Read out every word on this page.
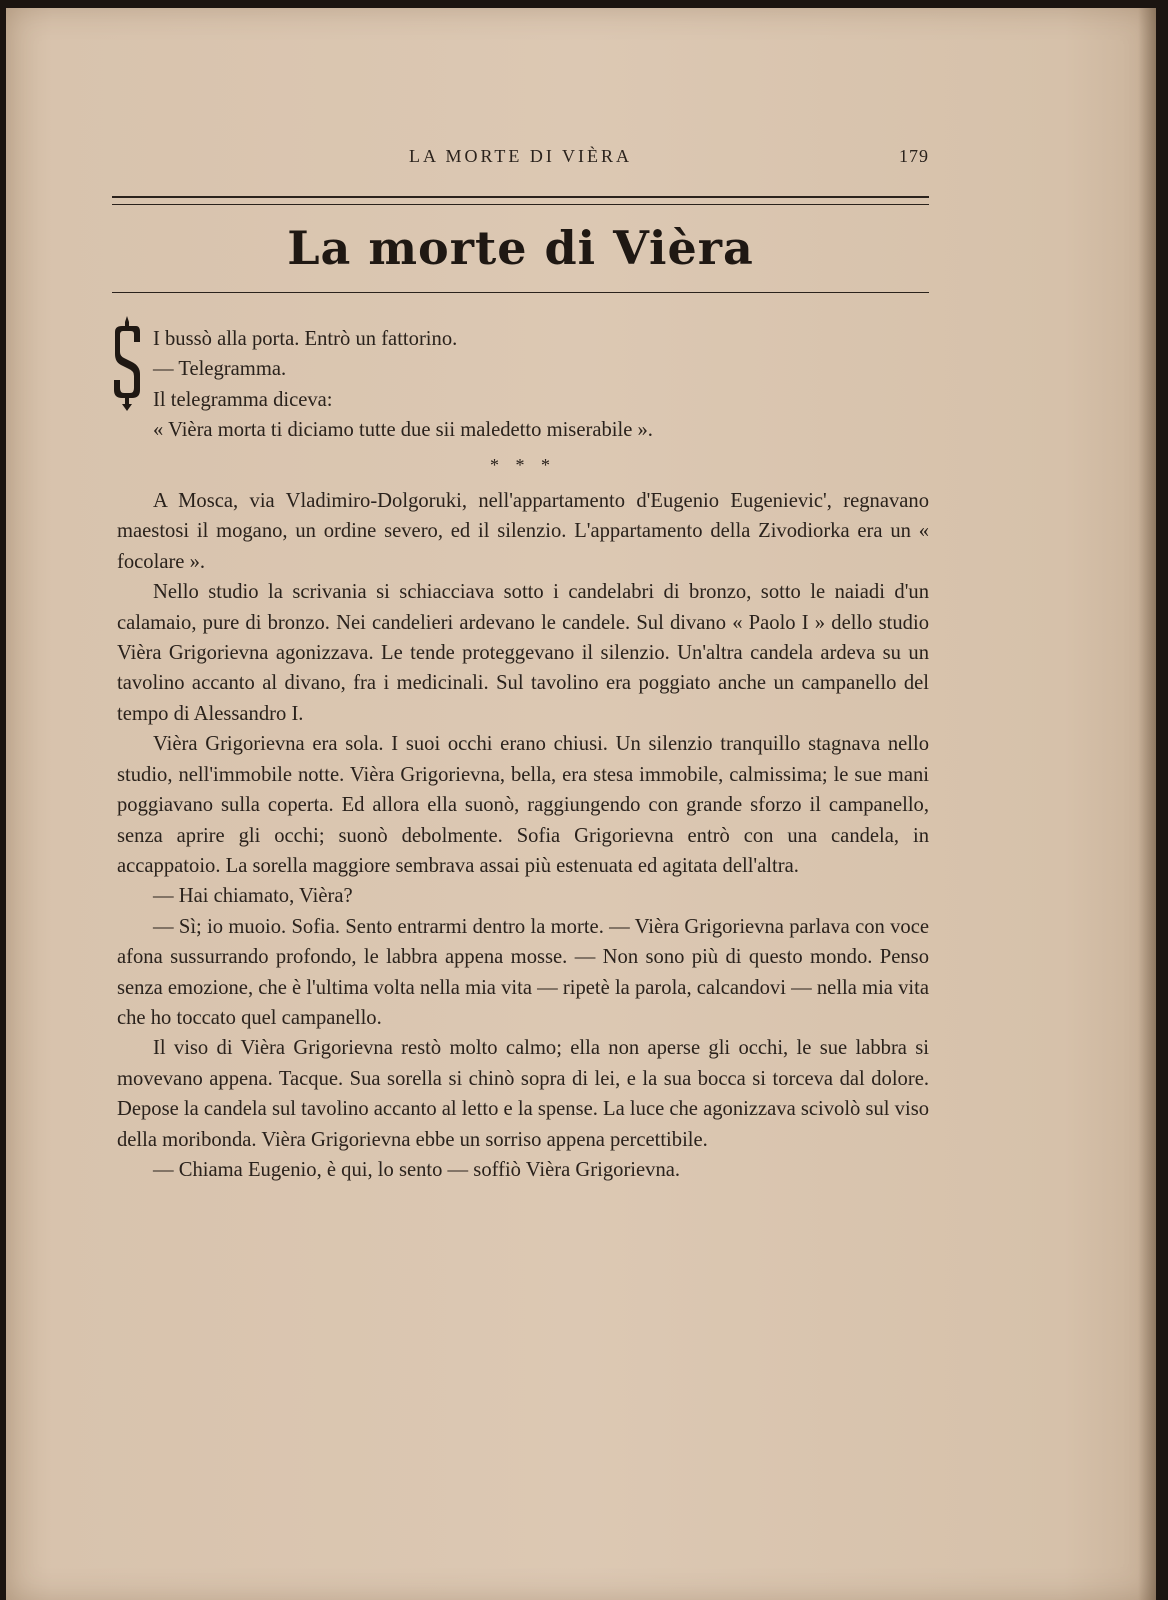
LA MORTE DI VIÈRA	179
La morte di Vièra

I bussò alla porta. Entrò un fattorino.

— Telegramma.

Il telegramma diceva:

« Vièra morta ti diciamo tutte due sii maledetto miserabile ».

* * *

A Mosca, via Vladimiro-Dolgoruki, nell'appartamento d'Eugenio Eugenievic', regnavano maestosi il mogano, un ordine severo, ed il silenzio. L'appartamento della Zivodiorka era un « focolare ».

Nello studio la scrivania si schiacciava sotto i candelabri di bronzo, sotto le naiadi d'un calamaio, pure di bronzo. Nei candelieri ardevano le candele. Sul divano « Paolo I » dello studio Vièra Grigorievna agonizzava. Le tende proteggevano il silenzio. Un'altra candela ardeva su un tavolino accanto al divano, fra i medicinali. Sul tavolino era poggiato anche un campanello del tempo di Alessandro I.

Vièra Grigorievna era sola. I suoi occhi erano chiusi. Un silenzio tranquillo stagnava nello studio, nell'immobile notte. Vièra Grigorievna, bella, era stesa immobile, calmissima; le sue mani poggiavano sulla coperta. Ed allora ella suonò, raggiungendo con grande sforzo il campanello, senza aprire gli occhi; suonò debolmente. Sofia Grigorievna entrò con una candela, in accappatoio. La sorella maggiore sembrava assai più estenuata ed agitata dell'altra.

— Hai chiamato, Vièra?

— Sì; io muoio. Sofia. Sento entrarmi dentro la morte. — Vièra Grigorievna parlava con voce afona sussurrando profondo, le labbra appena mosse. — Non sono più di questo mondo. Penso senza emozione, che è l'ultima volta nella mia vita — ripetè la parola, calcandovi — nella mia vita che ho toccato quel campanello.

Il viso di Vièra Grigorievna restò molto calmo; ella non aperse gli occhi, le sue labbra si movevano appena. Tacque. Sua sorella si chinò sopra di lei, e la sua bocca si torceva dal dolore. Depose la candela sul tavolino accanto al letto e la spense. La luce che agonizzava scivolò sul viso della moribonda. Vièra Grigorievna ebbe un sorriso appena percettibile.

— Chiama Eugenio, è qui, lo sento — soffiò Vièra Grigorievna.
